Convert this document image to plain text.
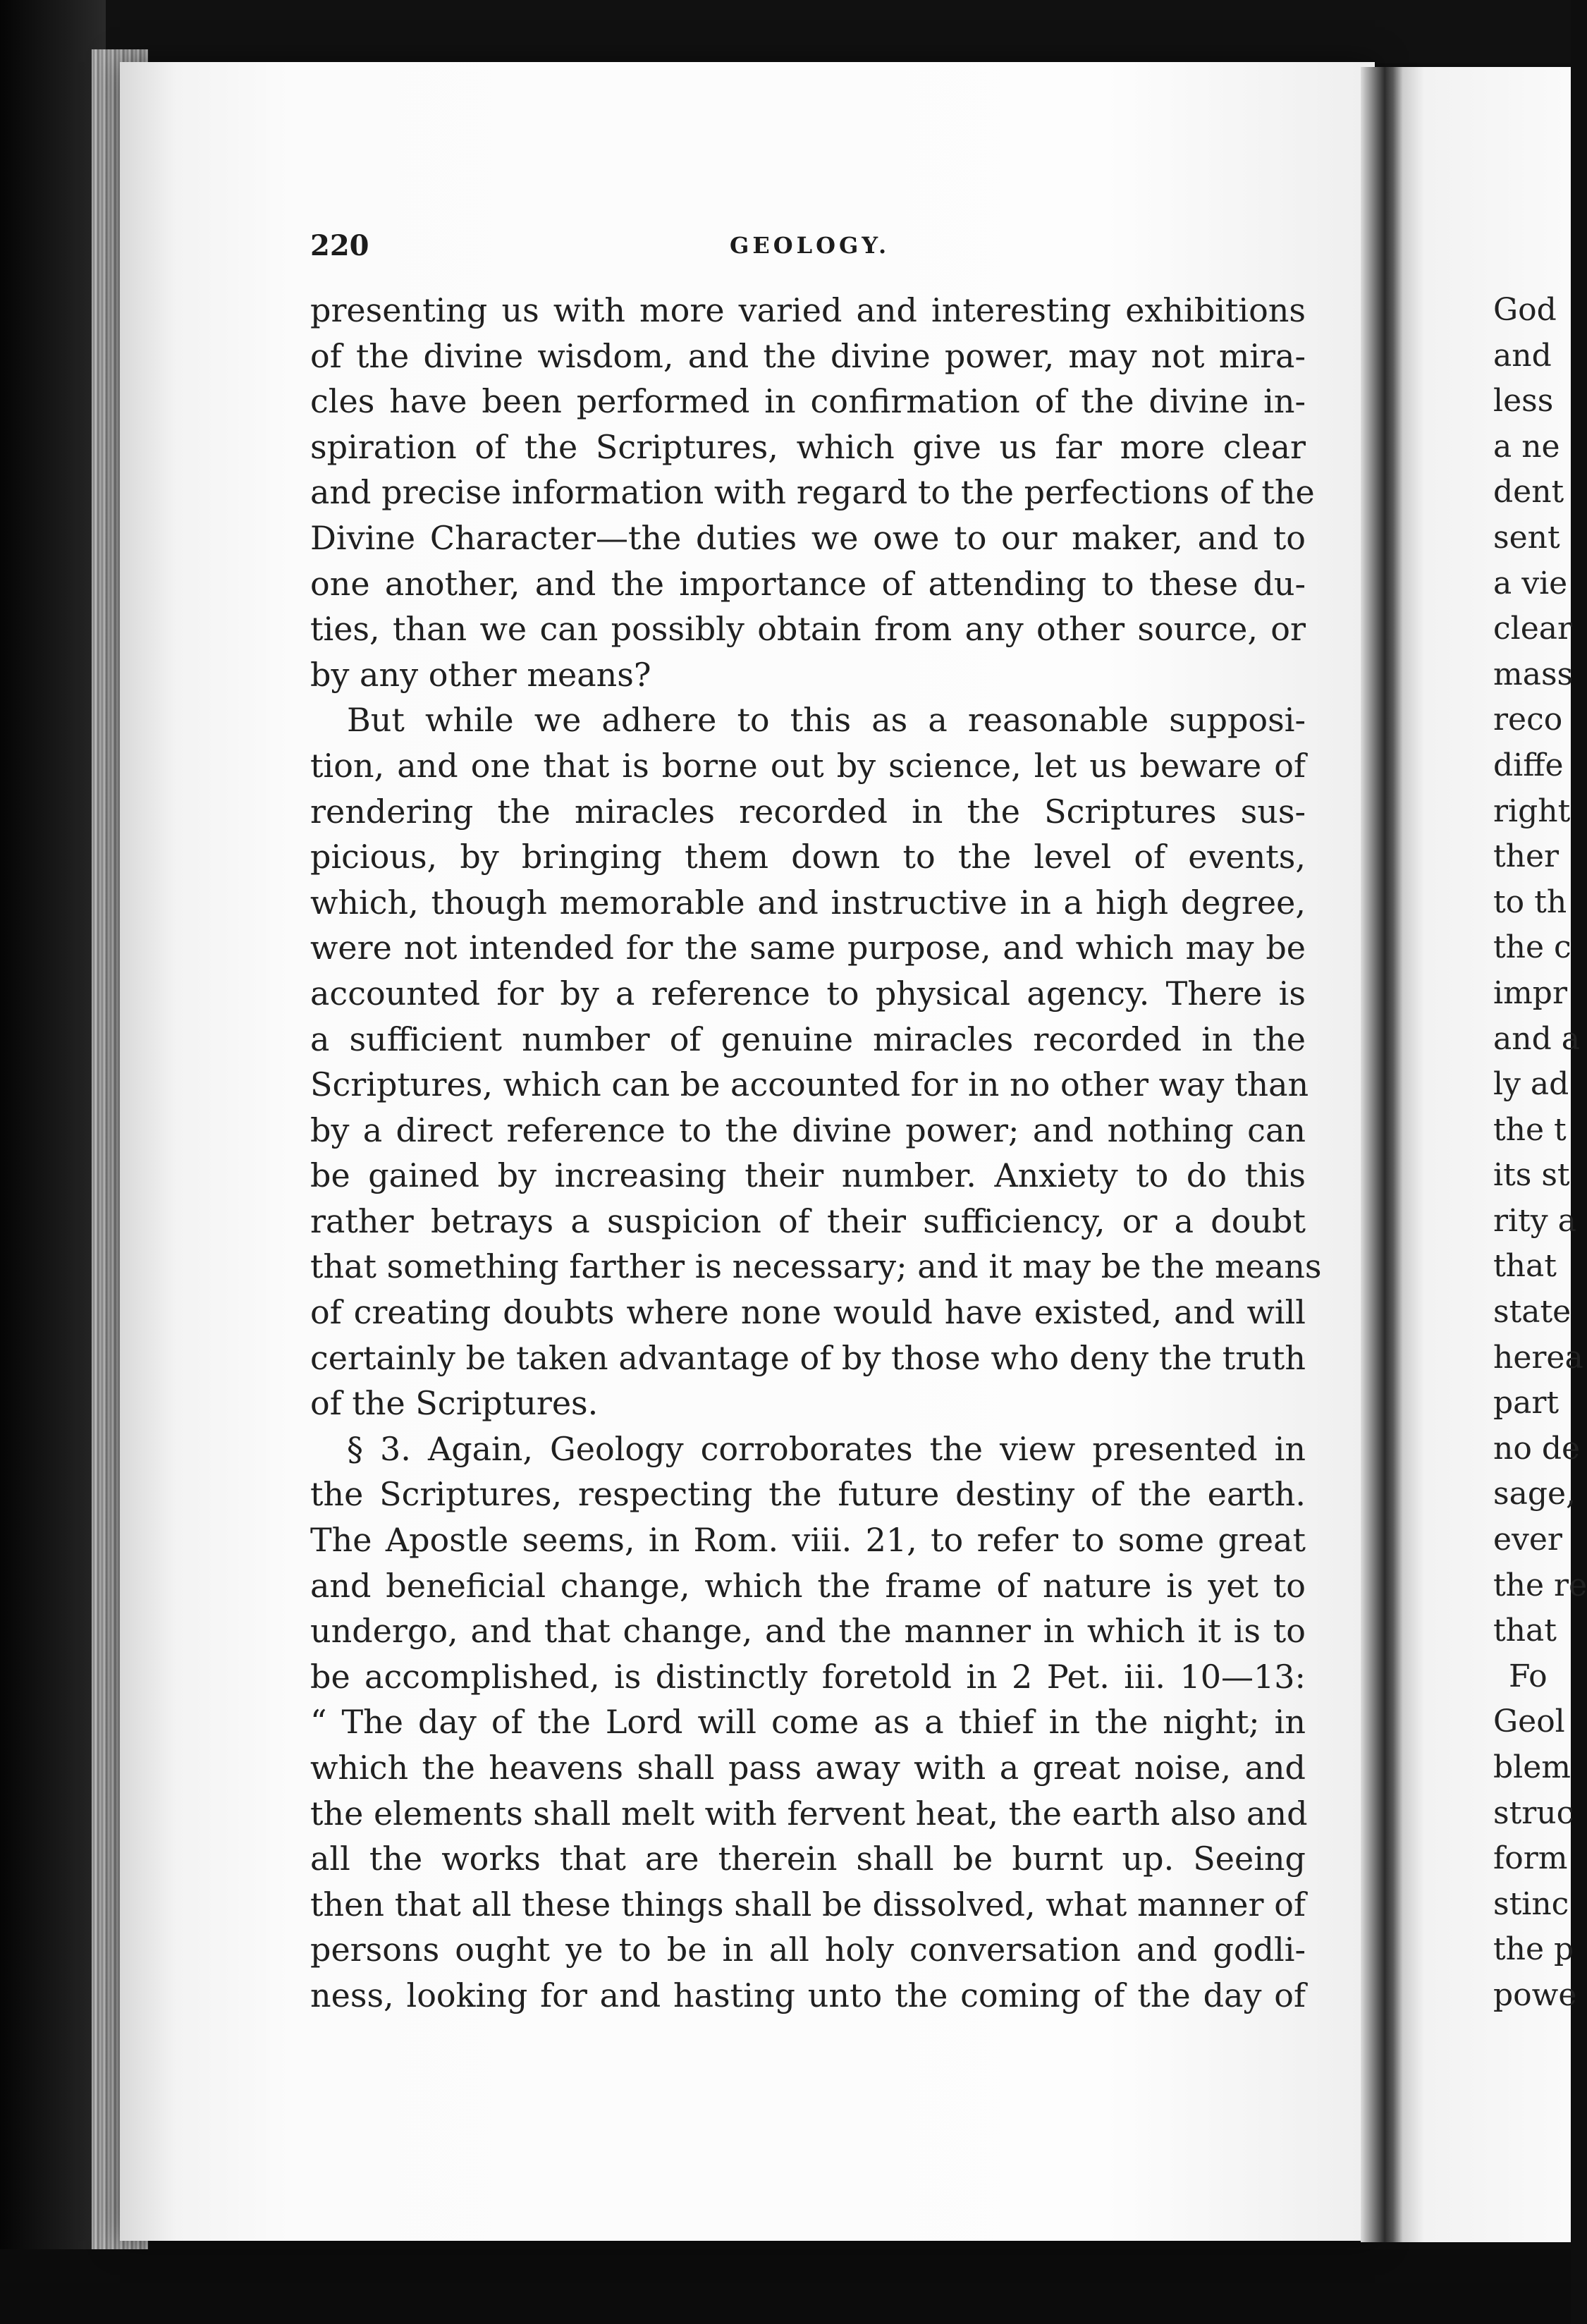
220	GEOLOGY.
presenting us with more varied and interesting exhibitions
of the divine wisdom, and the divine power, may not mira-
cles have been performed in confirmation of the divine in-
spiration of the Scriptures, which give us far more clear
and precise information with regard to the perfections of the
Divine Character—the duties we owe to our maker, and to
one another, and the importance of attending to these du-
ties, than we can possibly obtain from any other source, or
by any other means?
But while we adhere to this as a reasonable supposi-
tion, and one that is borne out by science, let us beware of
rendering the miracles recorded in the Scriptures sus-
picious, by bringing them down to the level of events,
which, though memorable and instructive in a high degree,
were not intended for the same purpose, and which may be
accounted for by a reference to physical agency. There is
a sufficient number of genuine miracles recorded in the
Scriptures, which can be accounted for in no other way than
by a direct reference to the divine power; and nothing can
be gained by increasing their number. Anxiety to do this
rather betrays a suspicion of their sufficiency, or a doubt
that something farther is necessary; and it may be the means
of creating doubts where none would have existed, and will
certainly be taken advantage of by those who deny the truth
of the Scriptures.
§ 3. Again, Geology corroborates the view presented in
the Scriptures, respecting the future destiny of the earth.
The Apostle seems, in Rom. viii. 21, to refer to some great
and beneficial change, which the frame of nature is yet to
undergo, and that change, and the manner in which it is to
be accomplished, is distinctly foretold in 2 Pet. iii. 10—13:
“ The day of the Lord will come as a thief in the night; in
which the heavens shall pass away with a great noise, and
the elements shall melt with fervent heat, the earth also and
all the works that are therein shall be burnt up. Seeing
then that all these things shall be dissolved, what manner of
persons ought ye to be in all holy conversation and godli-
ness, looking for and hasting unto the coming of the day of
God
and
less
a ne
dent
sent
a vie
clear
mass
reco
diffe
right
ther
to th
the c
impr
and a
ly ad
the t
its st
rity a
that
state
herea
part
no de
sage,
ever
the re
that
Fo
Geol
blem
struc
form
stinc
the p
powe
